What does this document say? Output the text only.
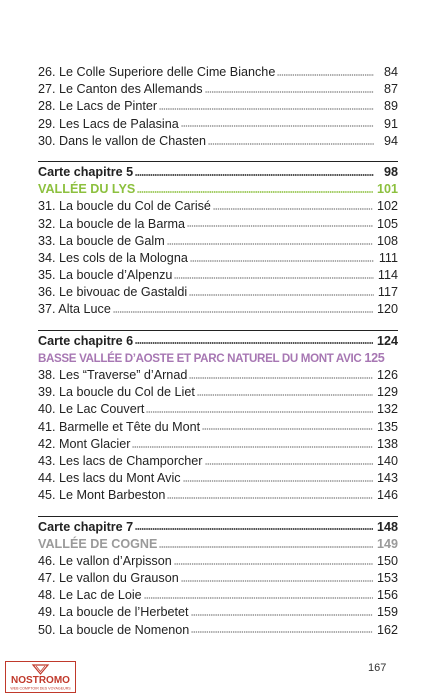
26. Le Colle Superiore delle Cime Bianche	84
27. Le Canton des Allemands	87
28. Le Lacs de Pinter	89
29. Les Lacs de Palasina	91
30. Dans le vallon de Chasten	94
Carte chapitre 5	98
VALLÉE DU LYS	101
31. La boucle du Col de Carisé	102
32. La boucle de la Barma	105
33. La boucle de Galm	108
34. Les cols de la Mologna	111
35. La boucle d’Alpenzu	114
36. Le bivouac de Gastaldi	117
37. Alta Luce	120
Carte chapitre 6	124
BASSE VALLÉE D’AOSTE ET PARC NATUREL DU MONT AVIC 125
38. Les “Traverse” d’Arnad	126
39. La boucle du Col de Liet	129
40. Le Lac Couvert	132
41. Barmelle et Tête du Mont	135
42. Mont Glacier	138
43. Les lacs de Champorcher	140
44. Les lacs du Mont Avic	143
45. Le Mont Barbeston	146
Carte chapitre 7	148
VALLÉE DE COGNE	149
46. Le vallon d’Arpisson	150
47. Le vallon du Grauson	153
48. Le Lac de Loie	156
49. La boucle de l’Herbetet	159
50. La boucle de Nomenon	162
NOSTROMO
WEB COMPTOIR DES VOYAGEURS
167
